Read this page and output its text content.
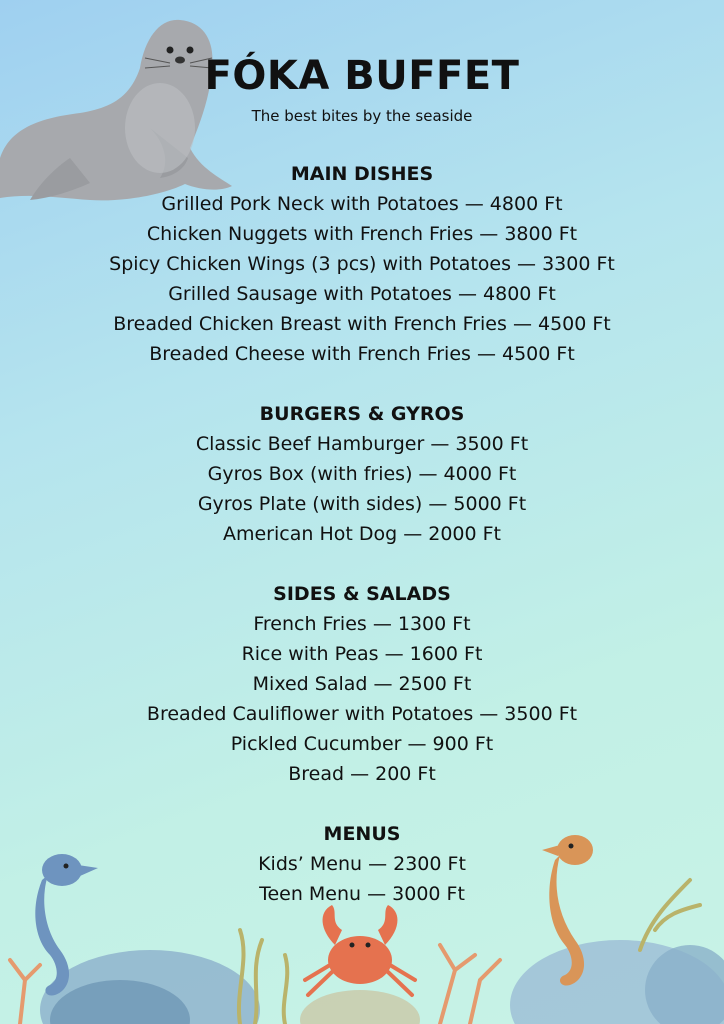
FÓKA BUFFET
The best bites by the seaside
MAIN DISHES
Grilled Pork Neck with Potatoes — 4800 Ft
Chicken Nuggets with French Fries — 3800 Ft
Spicy Chicken Wings (3 pcs) with Potatoes — 3300 Ft
Grilled Sausage with Potatoes — 4800 Ft
Breaded Chicken Breast with French Fries — 4500 Ft
Breaded Cheese with French Fries — 4500 Ft
BURGERS & GYROS
Classic Beef Hamburger — 3500 Ft
Gyros Box (with fries) — 4000 Ft
Gyros Plate (with sides) — 5000 Ft
American Hot Dog — 2000 Ft
SIDES & SALADS
French Fries — 1300 Ft
Rice with Peas — 1600 Ft
Mixed Salad — 2500 Ft
Breaded Cauliflower with Potatoes — 3500 Ft
Pickled Cucumber — 900 Ft
Bread — 200 Ft
MENUS
Kids’ Menu — 2300 Ft
Teen Menu — 3000 Ft
